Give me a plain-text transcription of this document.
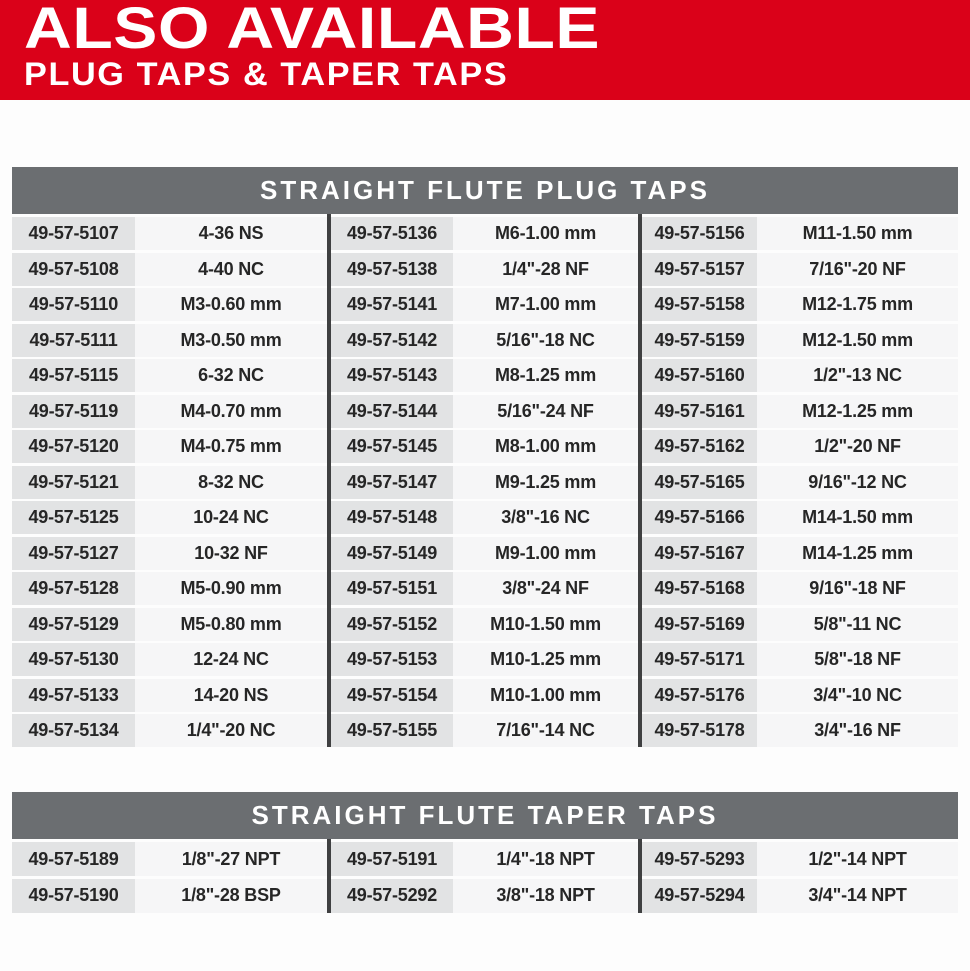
ALSO AVAILABLE
PLUG TAPS & TAPER TAPS
STRAIGHT FLUTE PLUG TAPS
49-57-5107	4-36 NS	49-57-5136	M6-1.00 mm	49-57-5156	M11-1.50 mm
49-57-5108	4-40 NC	49-57-5138	1/4"-28 NF	49-57-5157	7/16"-20 NF
49-57-5110	M3-0.60 mm	49-57-5141	M7-1.00 mm	49-57-5158	M12-1.75 mm
49-57-5111	M3-0.50 mm	49-57-5142	5/16"-18 NC	49-57-5159	M12-1.50 mm
49-57-5115	6-32 NC	49-57-5143	M8-1.25 mm	49-57-5160	1/2"-13 NC
49-57-5119	M4-0.70 mm	49-57-5144	5/16"-24 NF	49-57-5161	M12-1.25 mm
49-57-5120	M4-0.75 mm	49-57-5145	M8-1.00 mm	49-57-5162	1/2"-20 NF
49-57-5121	8-32 NC	49-57-5147	M9-1.25 mm	49-57-5165	9/16"-12 NC
49-57-5125	10-24 NC	49-57-5148	3/8"-16 NC	49-57-5166	M14-1.50 mm
49-57-5127	10-32 NF	49-57-5149	M9-1.00 mm	49-57-5167	M14-1.25 mm
49-57-5128	M5-0.90 mm	49-57-5151	3/8"-24 NF	49-57-5168	9/16"-18 NF
49-57-5129	M5-0.80 mm	49-57-5152	M10-1.50 mm	49-57-5169	5/8"-11 NC
49-57-5130	12-24 NC	49-57-5153	M10-1.25 mm	49-57-5171	5/8"-18 NF
49-57-5133	14-20 NS	49-57-5154	M10-1.00 mm	49-57-5176	3/4"-10 NC
49-57-5134	1/4"-20 NC	49-57-5155	7/16"-14 NC	49-57-5178	3/4"-16 NF
STRAIGHT FLUTE TAPER TAPS
49-57-5189	1/8"-27 NPT	49-57-5191	1/4"-18 NPT	49-57-5293	1/2"-14 NPT
49-57-5190	1/8"-28 BSP	49-57-5292	3/8"-18 NPT	49-57-5294	3/4"-14 NPT
